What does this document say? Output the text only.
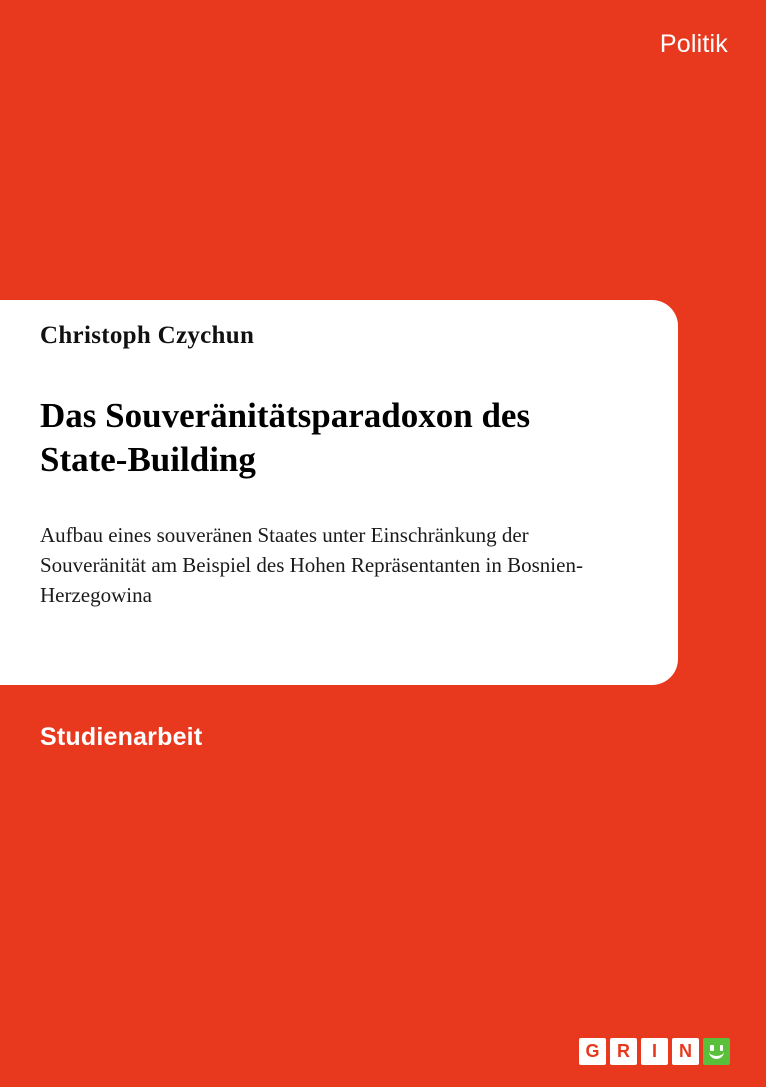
Politik
Christoph Czychun
Das Souveränitätsparadoxon des State-Building
Aufbau eines souveränen Staates unter Einschränkung der Souveränität am Beispiel des Hohen Repräsentanten in Bosnien-Herzegowina
Studienarbeit
G R	I	N
